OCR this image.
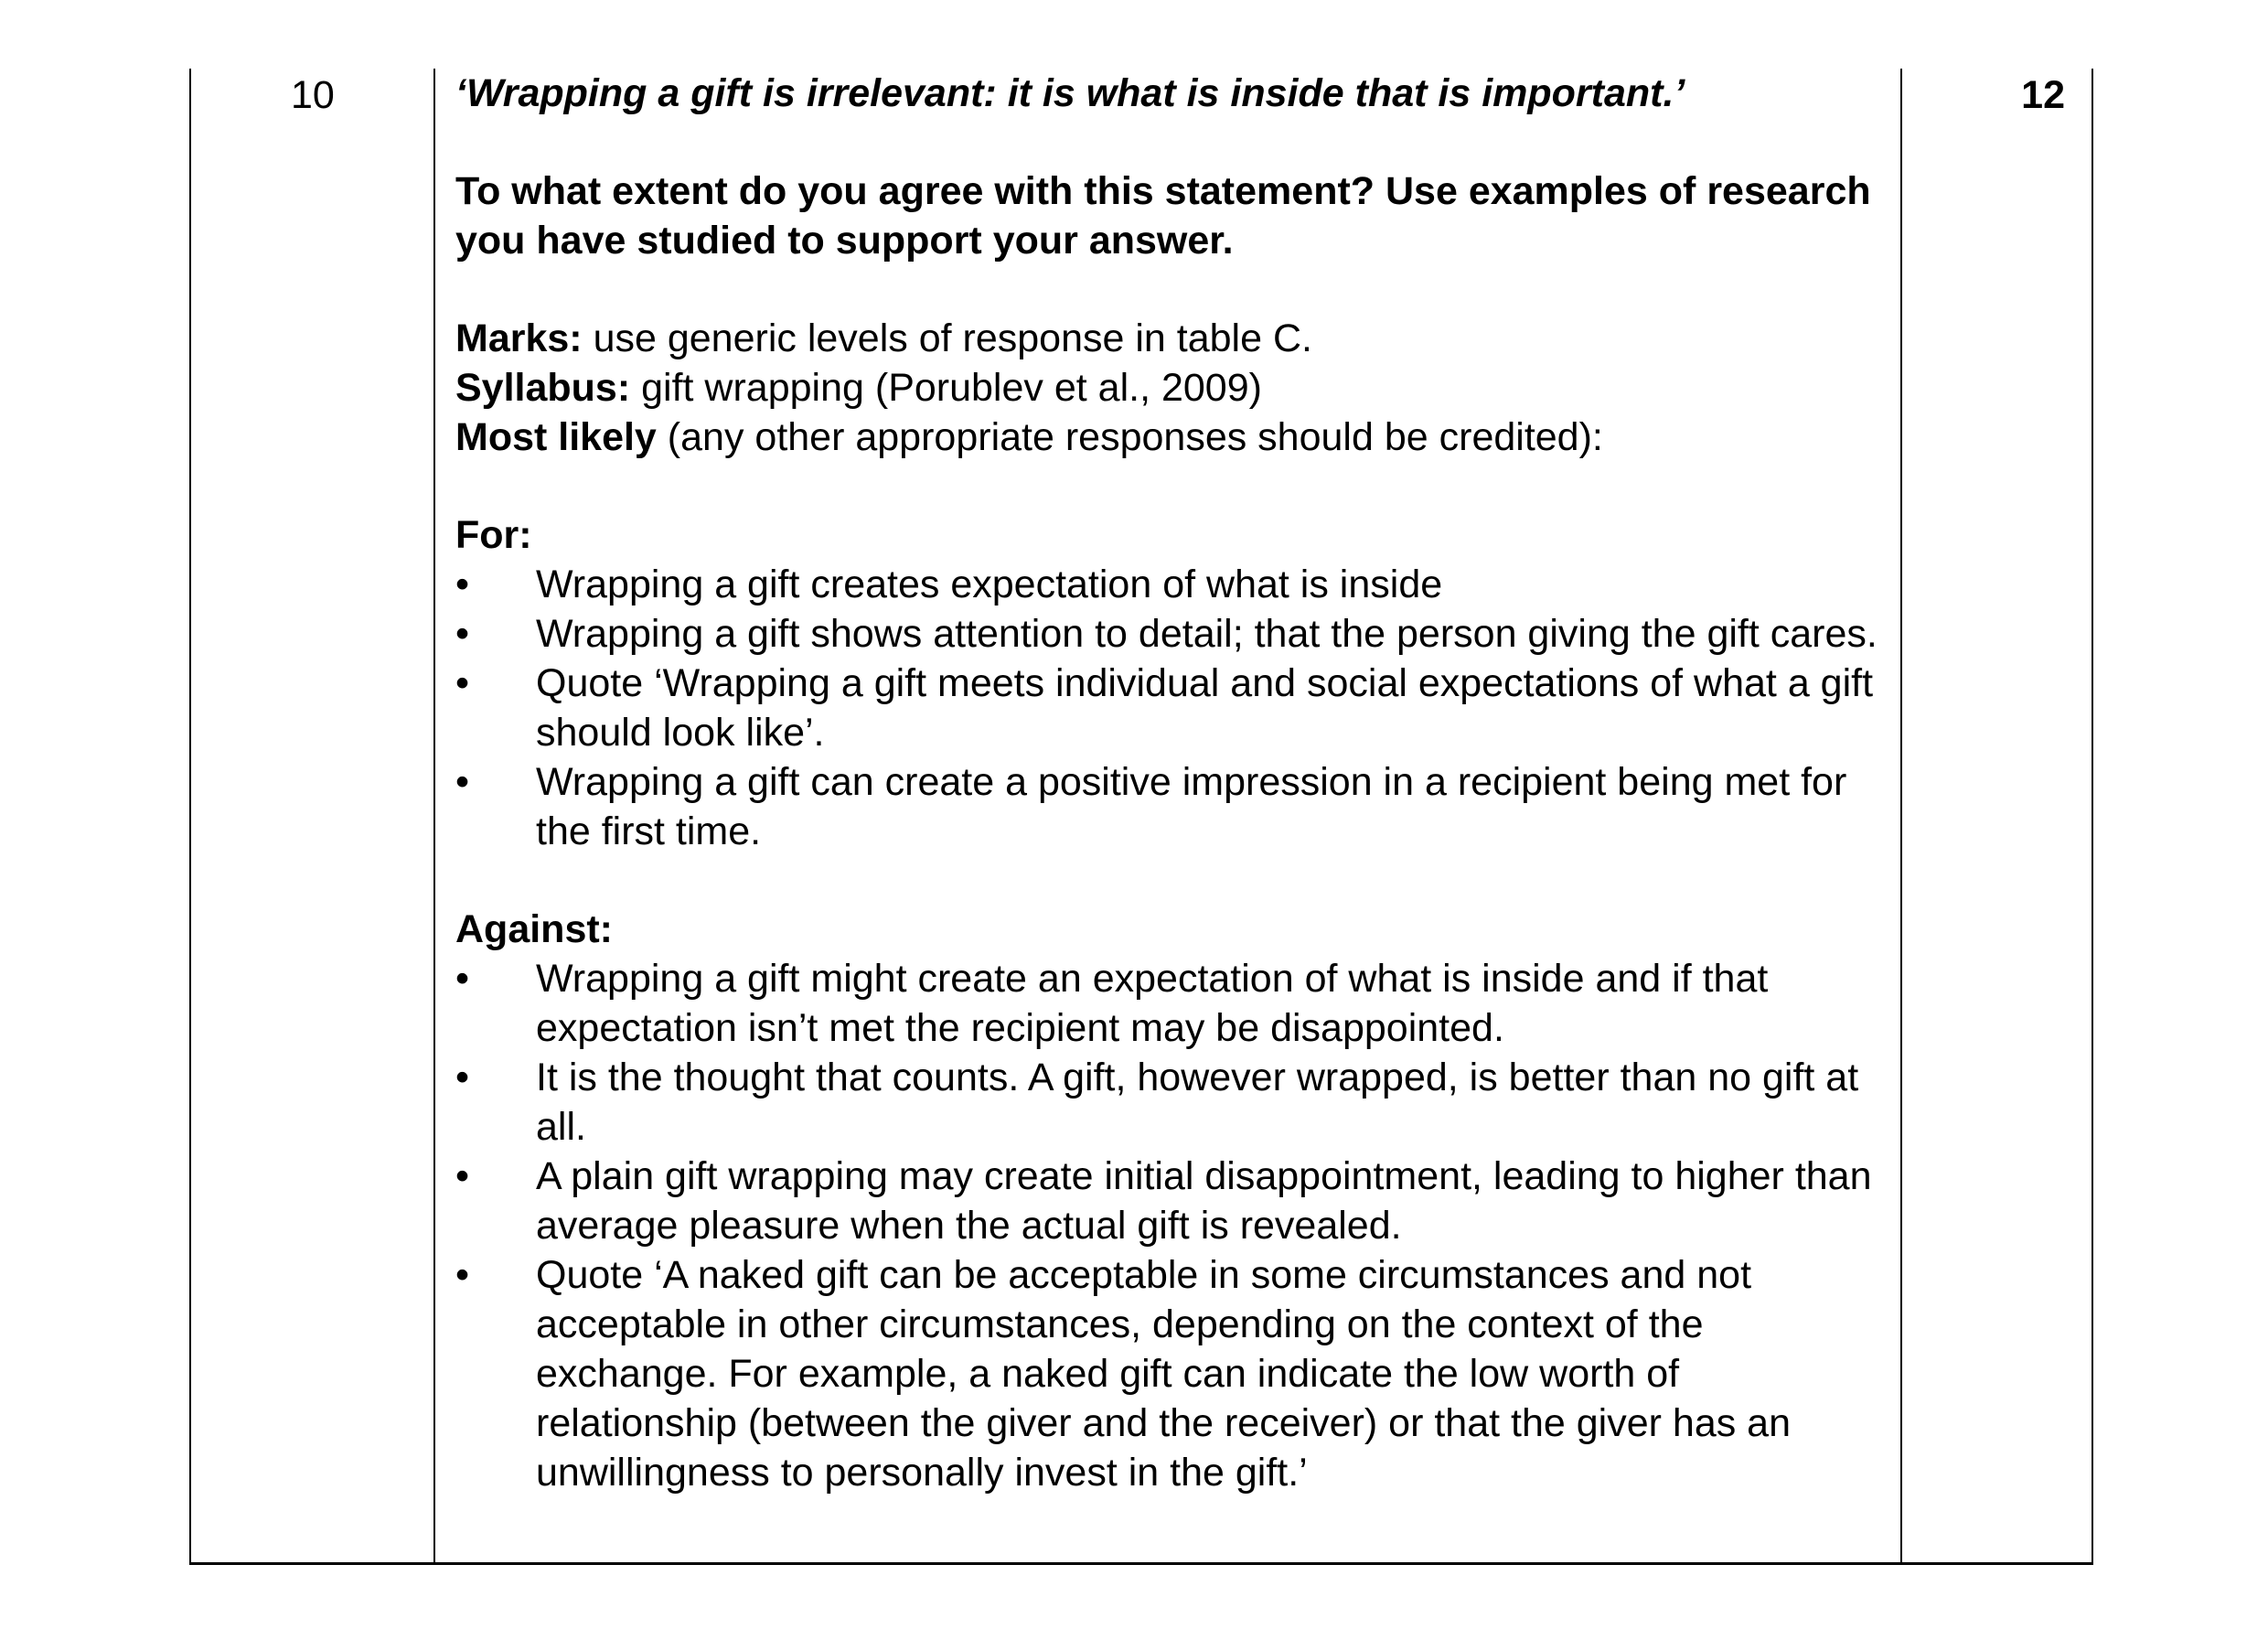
10	12

‘Wrapping a gift is irrelevant: it is what is inside that is important.’

To what extent do you agree with this statement? Use examples of research you have studied to support your answer.

Marks: use generic levels of response in table C.

Syllabus: gift wrapping (Porublev et al., 2009)

Most likely (any other appropriate responses should be credited):

For:

• Wrapping a gift creates expectation of what is inside
• Wrapping a gift shows attention to detail; that the person giving the gift cares.
• Quote ‘Wrapping a gift meets individual and social expectations of what a gift should look like’.
• Wrapping a gift can create a positive impression in a recipient being met for the first time.

Against:

• Wrapping a gift might create an expectation of what is inside and if that expectation isn’t met the recipient may be disappointed.
• It is the thought that counts. A gift, however wrapped, is better than no gift at all.
• A plain gift wrapping may create initial disappointment, leading to higher than average pleasure when the actual gift is revealed.
• Quote ‘A naked gift can be acceptable in some circumstances and not acceptable in other circumstances, depending on the context of the exchange. For example, a naked gift can indicate the low worth of relationship (between the giver and the receiver) or that the giver has an unwillingness to personally invest in the gift.’
